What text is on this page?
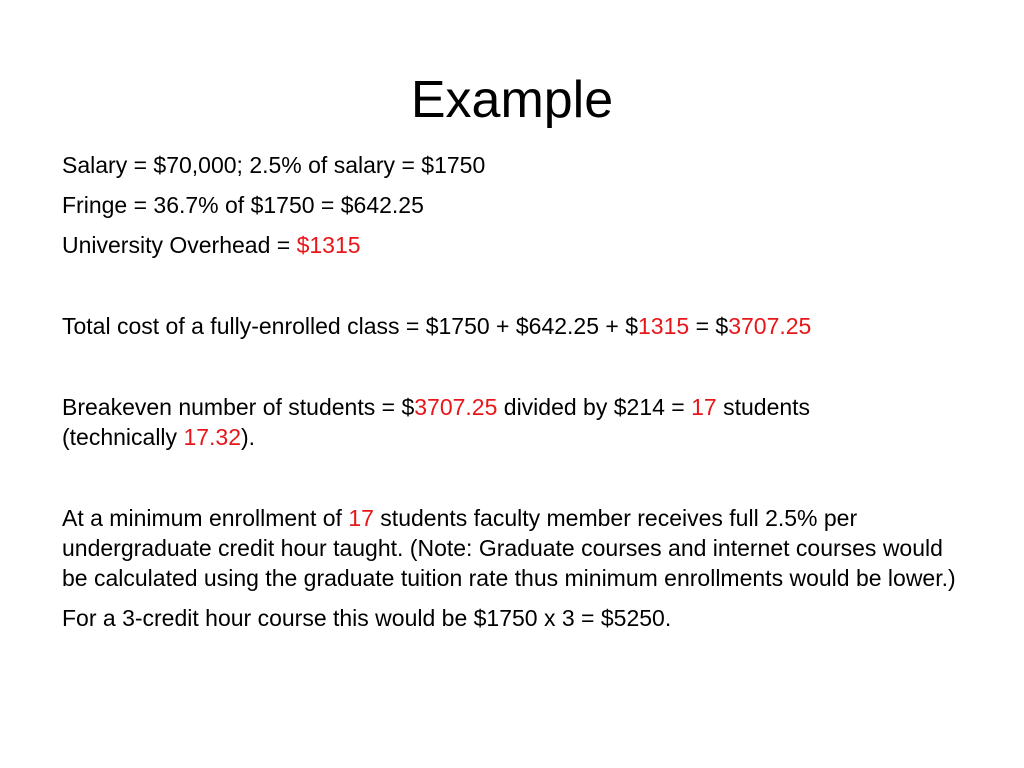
Example

Salary = $70,000; 2.5% of salary = $1750

Fringe = 36.7% of $1750 = $642.25

University Overhead = $1315

Total cost of a fully-enrolled class = $1750 + $642.25 + $1315 = $3707.25

Breakeven number of students = $3707.25 divided by $214 = 17 students
(technically 17.32).

At a minimum enrollment of 17 students faculty member receives full 2.5% per undergraduate credit hour taught. (Note: Graduate courses and internet courses would be calculated using the graduate tuition rate thus minimum enrollments would be lower.)

For a 3-credit hour course this would be $1750 x 3 = $5250.
